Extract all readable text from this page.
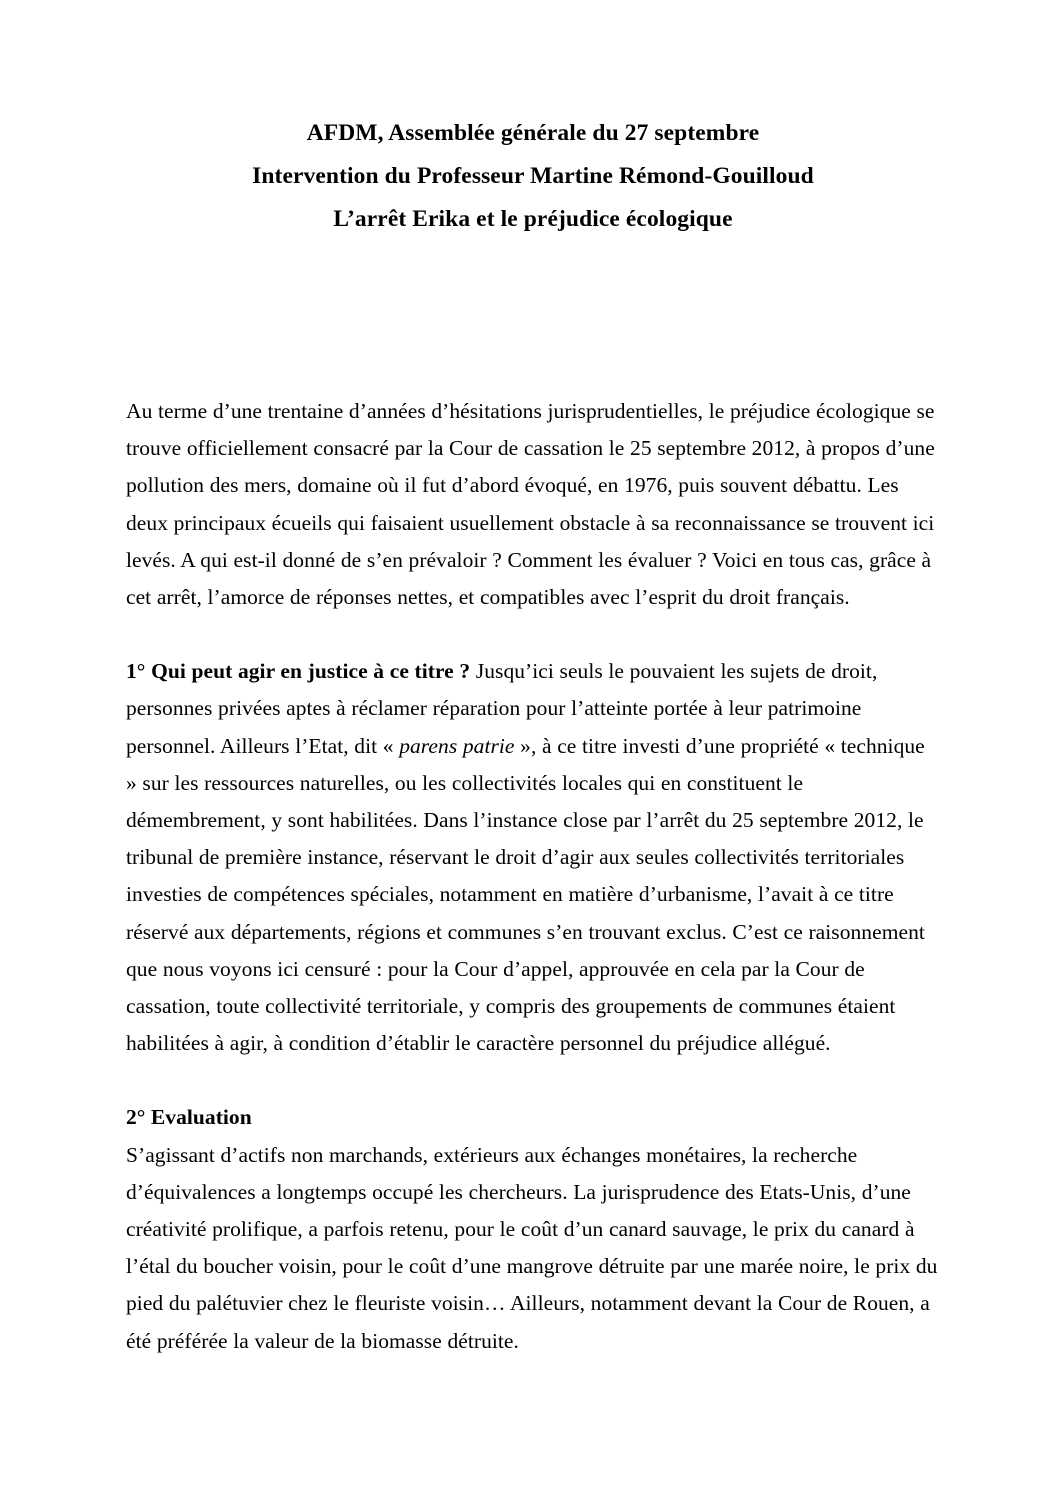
AFDM, Assemblée générale du 27 septembre
Intervention du Professeur Martine Rémond-Gouilloud
L’arrêt Erika et le préjudice écologique

Au terme d’une trentaine d’années d’hésitations jurisprudentielles, le préjudice écologique se trouve officiellement consacré par la Cour de cassation le 25 septembre 2012, à propos d’une pollution des mers, domaine où il fut d’abord évoqué, en 1976, puis souvent débattu. Les deux principaux écueils qui faisaient usuellement obstacle à sa reconnaissance se trouvent ici levés. A qui est-il donné de s’en prévaloir ? Comment les évaluer ? Voici en tous cas, grâce à cet arrêt, l’amorce de réponses nettes, et compatibles avec l’esprit du droit français.

1° Qui peut agir en justice à ce titre ? Jusqu’ici seuls le pouvaient les sujets de droit, personnes privées aptes à réclamer réparation pour l’atteinte portée à leur patrimoine personnel. Ailleurs l’Etat, dit « parens patrie », à ce titre investi d’une propriété « technique » sur les ressources naturelles, ou les collectivités locales qui en constituent le démembrement, y sont habilitées. Dans l’instance close par l’arrêt du 25 septembre 2012, le tribunal de première instance, réservant le droit d’agir aux seules collectivités territoriales investies de compétences spéciales, notamment en matière d’urbanisme, l’avait à ce titre réservé aux départements, régions et communes s’en trouvant exclus. C’est ce raisonnement que nous voyons ici censuré : pour la Cour d’appel, approuvée en cela par la Cour de cassation, toute collectivité territoriale, y compris des groupements de communes étaient habilitées à agir, à condition d’établir le caractère personnel du préjudice allégué.

2° Evaluation

S’agissant d’actifs non marchands, extérieurs aux échanges monétaires, la recherche d’équivalences a longtemps occupé les chercheurs. La jurisprudence des Etats-Unis, d’une créativité prolifique, a parfois retenu, pour le coût d’un canard sauvage, le prix du canard à l’étal du boucher voisin, pour le coût d’une mangrove détruite par une marée noire, le prix du pied du palétuvier chez le fleuriste voisin… Ailleurs, notamment devant la Cour de Rouen, a été préférée la valeur de la biomasse détruite.
